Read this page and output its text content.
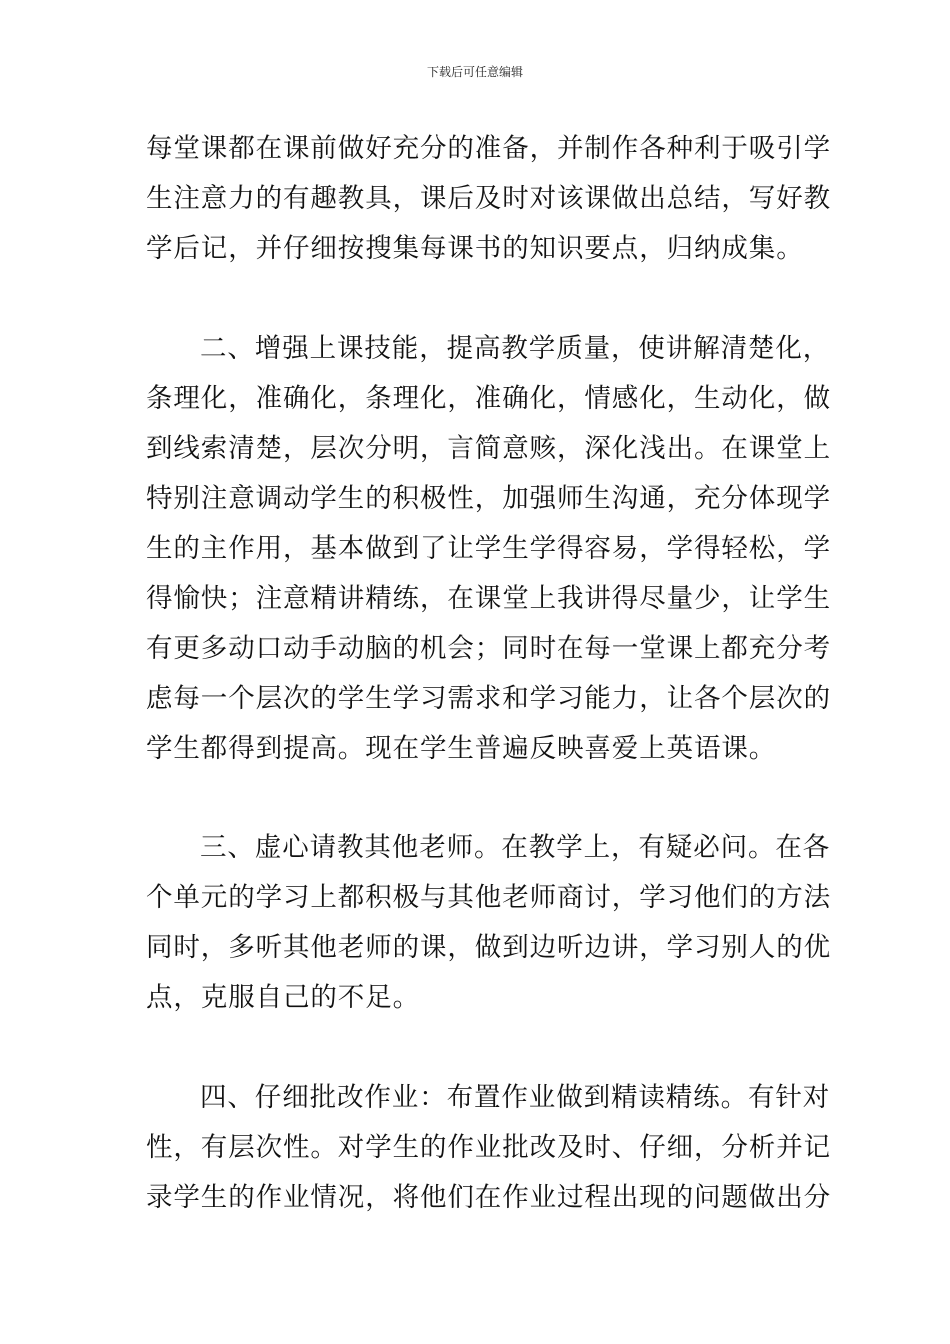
下载后可任意编辑
每堂课都在课前做好充分的准备，并制作各种利于吸引学
生注意力的有趣教具，课后及时对该课做出总结，写好教
学后记，并仔细按搜集每课书的知识要点，归纳成集。
二、增强上课技能，提高教学质量，使讲解清楚化，
条理化，准确化，条理化，准确化，情感化，生动化，做
到线索清楚，层次分明，言简意赅，深化浅出。在课堂上
特别注意调动学生的积极性，加强师生沟通，充分体现学
生的主作用，基本做到了让学生学得容易，学得轻松，学
得愉快；注意精讲精练，在课堂上我讲得尽量少，让学生
有更多动口动手动脑的机会；同时在每一堂课上都充分考
虑每一个层次的学生学习需求和学习能力，让各个层次的
学生都得到提高。现在学生普遍反映喜爱上英语课。
三、虚心请教其他老师。在教学上，有疑必问。在各
个单元的学习上都积极与其他老师商讨，学习他们的方法
同时，多听其他老师的课，做到边听边讲，学习别人的优
点，克服自己的不足。
四、仔细批改作业：布置作业做到精读精练。有针对
性，有层次性。对学生的作业批改及时、仔细，分析并记
录学生的作业情况，将他们在作业过程出现的问题做出分
